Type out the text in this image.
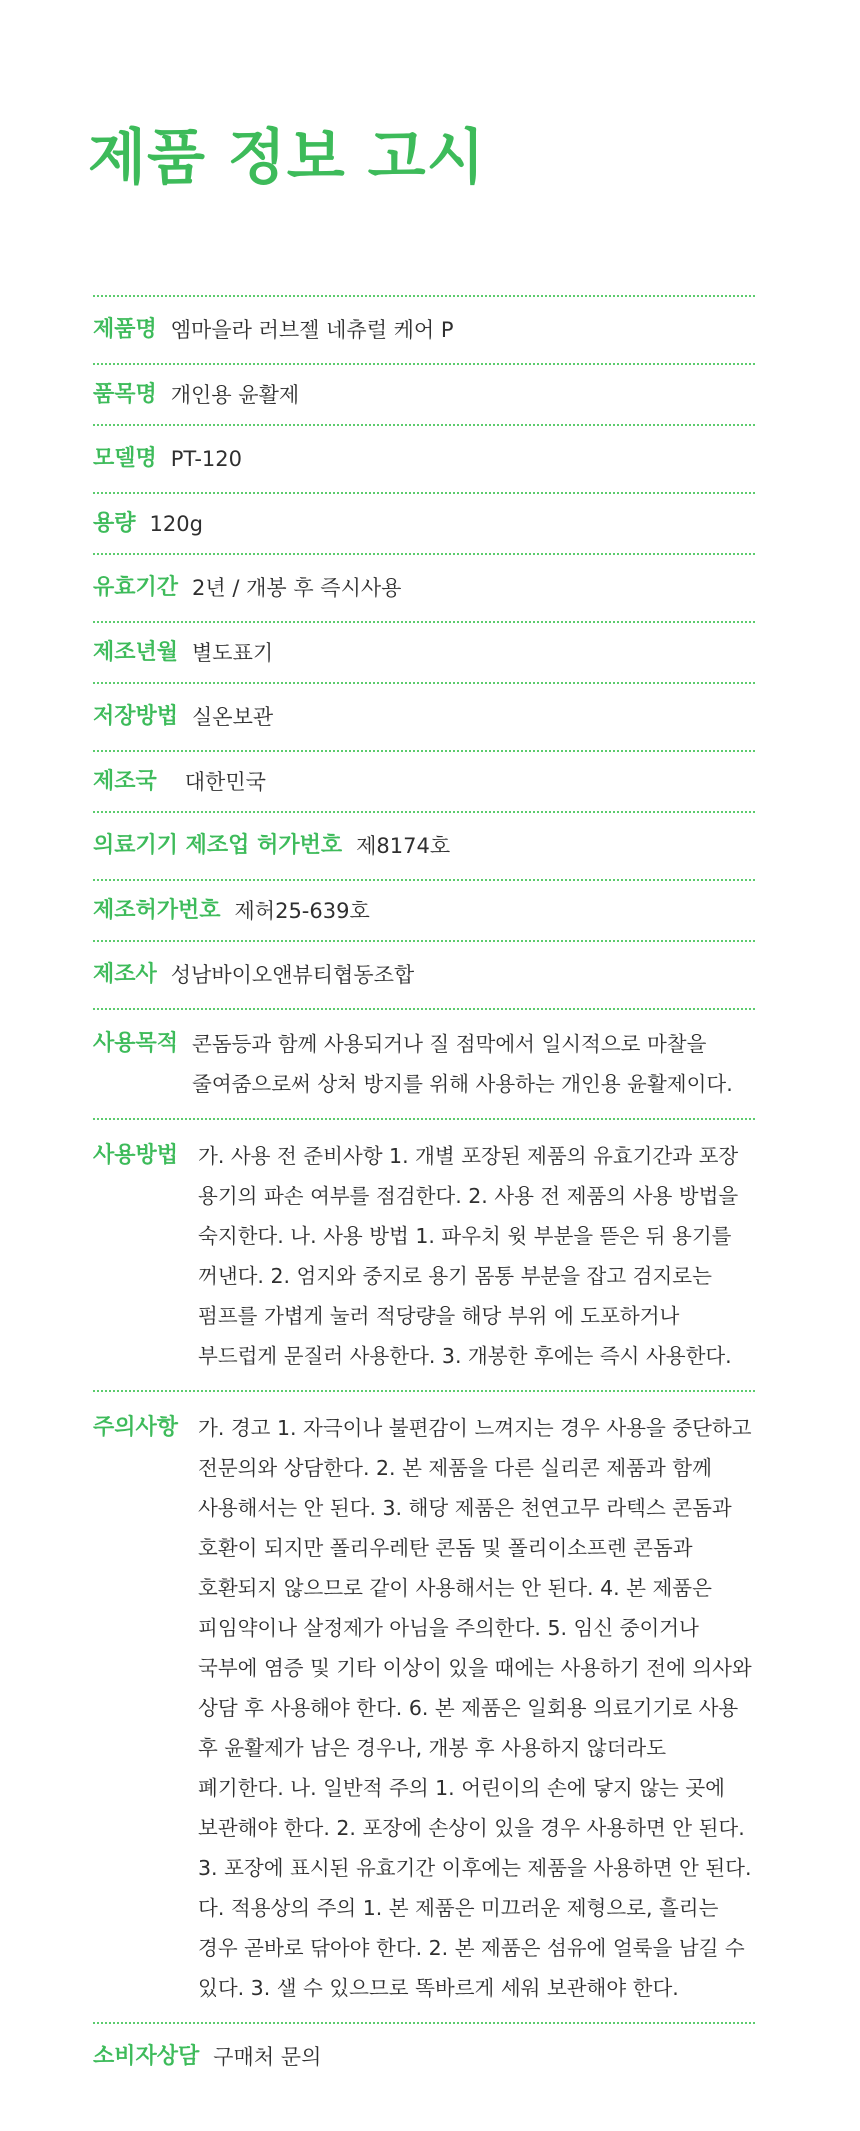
제품 정보 고시
제품명 엠마을라 러브젤 네츄럴 케어 P
품목명 개인용 윤활제
모델명 PT-120
용량 120g
유효기간 2년 / 개봉 후 즉시사용
제조년월 별도표기
저장방법 실온보관
제조국 대한민국
의료기기 제조업 허가번호 제8174호
제조허가번호 제허25-639호
제조사 성남바이오앤뷰티협동조합
사용목적 콘돔등과 함께 사용되거나 질 점막에서 일시적으로 마찰을 줄여줌으로써 상처 방지를 위해 사용하는 개인용 윤활제이다.
사용방법 가. 사용 전 준비사항 1. 개별 포장된 제품의 유효기간과 포장 용기의 파손 여부를 점검한다. 2. 사용 전 제품의 사용 방법을 숙지한다. 나. 사용 방법 1. 파우치 윗 부분을 뜯은 뒤 용기를 꺼낸다. 2. 엄지와 중지로 용기 몸통 부분을 잡고 검지로는 펌프를 가볍게 눌러 적당량을 해당 부위 에 도포하거나 부드럽게 문질러 사용한다. 3. 개봉한 후에는 즉시 사용한다.
주의사항 가. 경고 1. 자극이나 불편감이 느껴지는 경우 사용을 중단하고 전문의와 상담한다. 2. 본 제품을 다른 실리콘 제품과 함께 사용해서는 안 된다. 3. 해당 제품은 천연고무 라텍스 콘돔과 호환이 되지만 폴리우레탄 콘돔 및 폴리이소프렌 콘돔과 호환되지 않으므로 같이 사용해서는 안 된다. 4. 본 제품은 피임약이나 살정제가 아님을 주의한다. 5. 임신 중이거나 국부에 염증 및 기타 이상이 있을 때에는 사용하기 전에 의사와 상담 후 사용해야 한다. 6. 본 제품은 일회용 의료기기로 사용 후 윤활제가 남은 경우나, 개봉 후 사용하지 않더라도 폐기한다. 나. 일반적 주의 1. 어린이의 손에 닿지 않는 곳에 보관해야 한다. 2. 포장에 손상이 있을 경우 사용하면 안 된다. 3. 포장에 표시된 유효기간 이후에는 제품을 사용하면 안 된다. 다. 적용상의 주의 1. 본 제품은 미끄러운 제형으로, 흘리는 경우 곧바로 닦아야 한다. 2. 본 제품은 섬유에 얼룩을 남길 수 있다. 3. 샐 수 있으므로 똑바르게 세워 보관해야 한다.
소비자상담 구매처 문의
